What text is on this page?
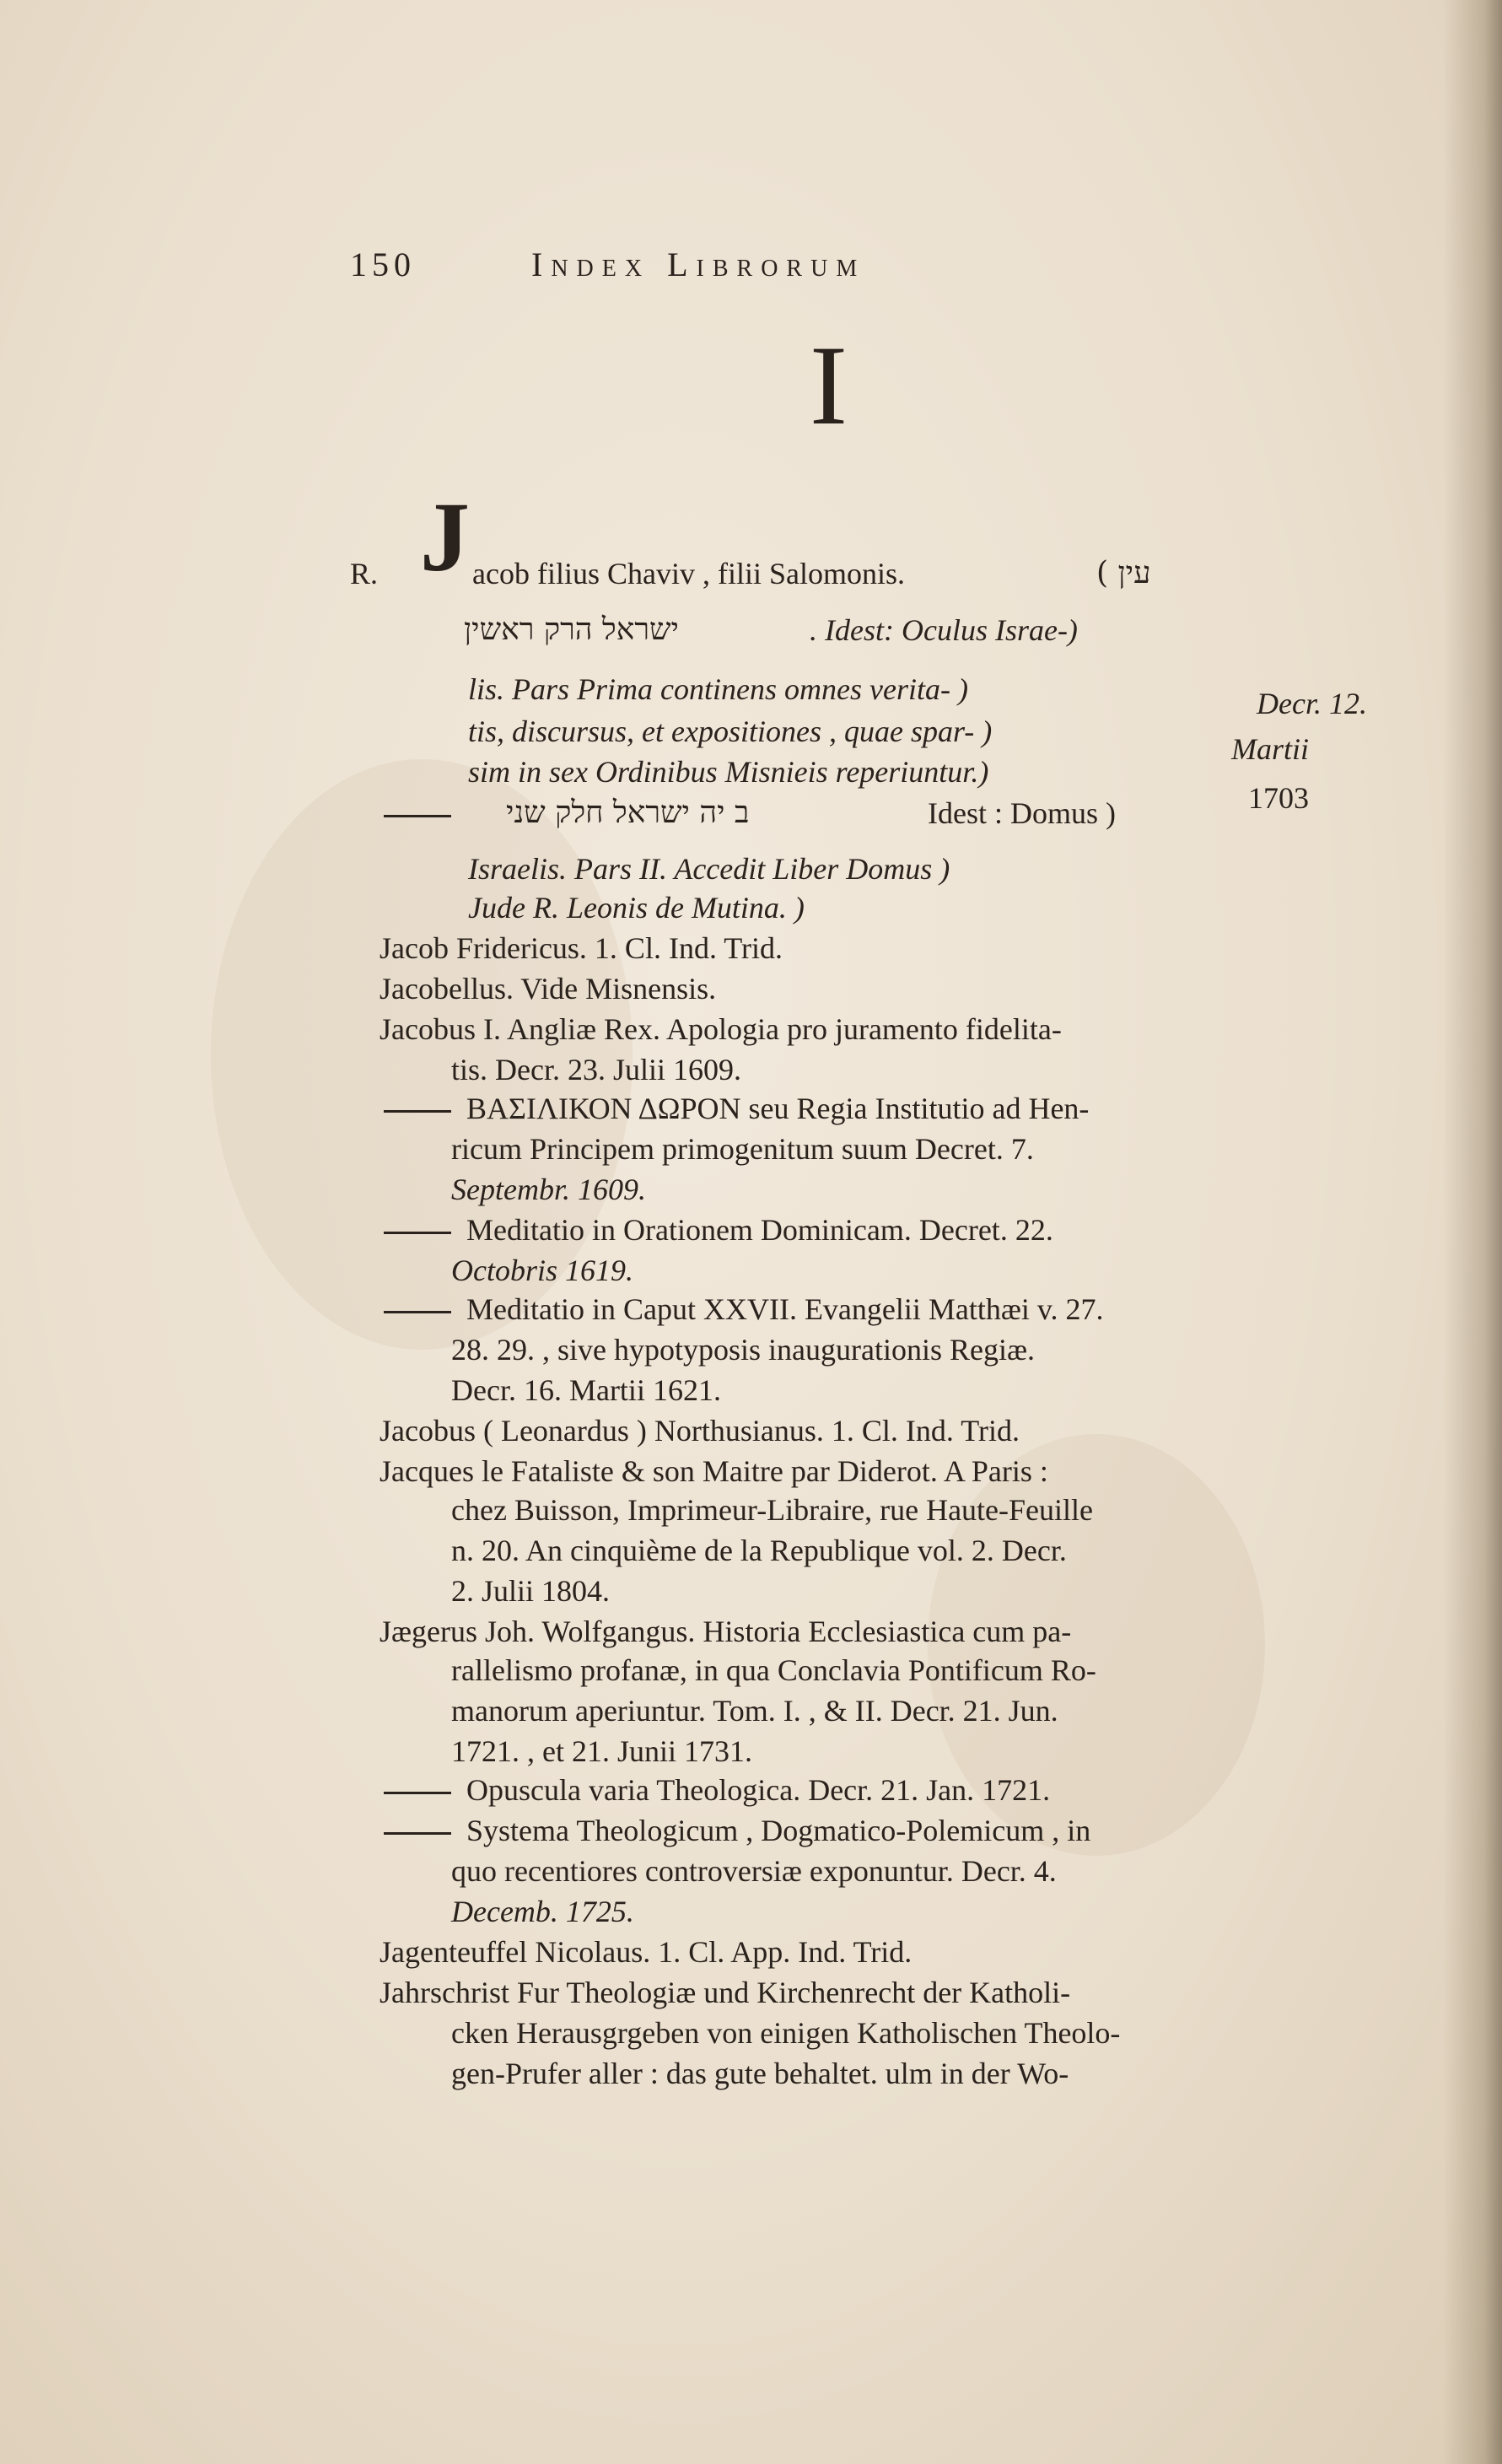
150	Index Librorum
I
R. J acob filius Chaviv , filii Salomonis.	עין )
ישראל הרק ראשין	. Idest: Oculus Israe-)
lis. Pars Prima continens omnes verita- )
tis, discursus, et expositiones , quae spar- )
sim in sex Ordinibus Misnieis reperiuntur.)
Decr. 12.
Martii
1703
ב יה ישראל חלק שני	Idest : Domus )
Israelis. Pars II. Accedit Liber Domus )
Jude R. Leonis de Mutina. )
Jacob Fridericus. 1. Cl. Ind. Trid.
Jacobellus. Vide Misnensis.
Jacobus I. Angliæ Rex. Apologia pro juramento fidelita-
tis. Decr. 23. Julii 1609.
ΒΑΣΙΛΙΚΟΝ ΔΩΡΟΝ seu Regia Institutio ad Hen-
ricum Principem primogenitum suum Decret. 7.
Septembr. 1609.
Meditatio in Orationem Dominicam. Decret. 22.
Octobris 1619.
Meditatio in Caput XXVII. Evangelii Matthæi v. 27.
28. 29. , sive hypotyposis inaugurationis Regiæ.
Decr. 16. Martii 1621.
Jacobus ( Leonardus ) Northusianus. 1. Cl. Ind. Trid.
Jacques le Fataliste & son Maitre par Diderot. A Paris :
chez Buisson, Imprimeur-Libraire, rue Haute-Feuille
n. 20. An cinquième de la Republique vol. 2. Decr.
2. Julii 1804.
Jægerus Joh. Wolfgangus. Historia Ecclesiastica cum pa-
rallelismo profanæ, in qua Conclavia Pontificum Ro-
manorum aperiuntur. Tom. I. , & II. Decr. 21. Jun.
1721. , et 21. Junii 1731.
Opuscula varia Theologica. Decr. 21. Jan. 1721.
Systema Theologicum , Dogmatico-Polemicum , in
quo recentiores controversiæ exponuntur. Decr. 4.
Decemb. 1725.
Jagenteuffel Nicolaus. 1. Cl. App. Ind. Trid.
Jahrschrist Fur Theologiæ und Kirchenrecht der Katholi-
cken Herausgrgeben von einigen Katholischen Theolo-
gen-Prufer aller : das gute behaltet. ulm in der Wo-
